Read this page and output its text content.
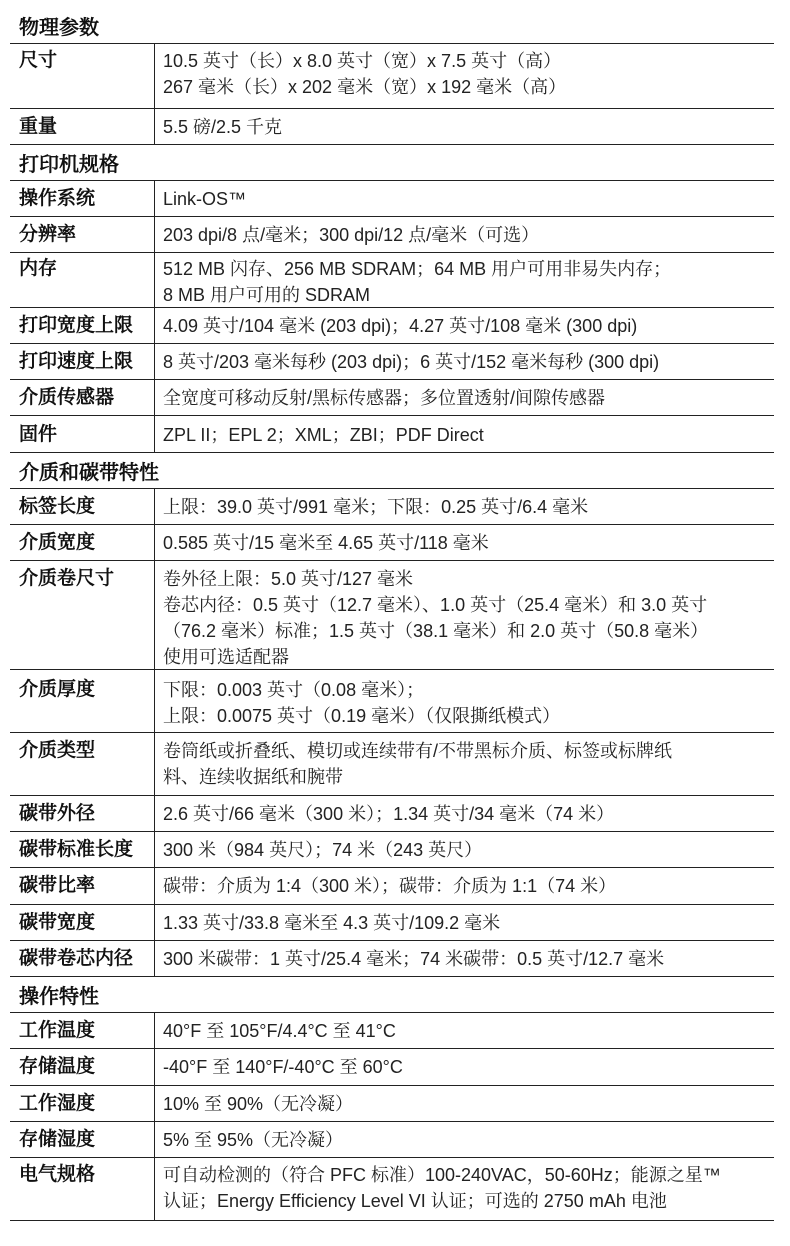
物理参数
尺寸	10.5 英寸（长）x 8.0 英寸（宽）x 7.5 英寸（高）
267 毫米（长）x 202 毫米（宽）x 192 毫米（高）
重量	5.5 磅/2.5 千克
打印机规格
操作系统	Link-OS™
分辨率	203 dpi/8 点/毫米；300 dpi/12 点/毫米（可选）
内存	512 MB 闪存、256 MB SDRAM；64 MB 用户可用非易失内存；
8 MB 用户可用的 SDRAM
打印宽度上限	4.09 英寸/104 毫米 (203 dpi)；4.27 英寸/108 毫米 (300 dpi)
打印速度上限	8 英寸/203 毫米每秒 (203 dpi)；6 英寸/152 毫米每秒 (300 dpi)
介质传感器	全宽度可移动反射/黑标传感器；多位置透射/间隙传感器
固件	ZPL II；EPL 2；XML；ZBI；PDF Direct
介质和碳带特性
标签长度	上限：39.0 英寸/991 毫米；下限：0.25 英寸/6.4 毫米
介质宽度	0.585 英寸/15 毫米至 4.65 英寸/118 毫米
介质卷尺寸	卷外径上限：5.0 英寸/127 毫米
卷芯内径：0.5 英寸（12.7 毫米）、1.0 英寸（25.4 毫米）和 3.0 英寸
（76.2 毫米）标准；1.5 英寸（38.1 毫米）和 2.0 英寸（50.8 毫米）
使用可选适配器
介质厚度	下限：0.003 英寸（0.08 毫米）；
上限：0.0075 英寸（0.19 毫米）（仅限撕纸模式）
介质类型	卷筒纸或折叠纸、模切或连续带有/不带黑标介质、标签或标牌纸
料、连续收据纸和腕带
碳带外径	2.6 英寸/66 毫米（300 米）；1.34 英寸/34 毫米（74 米）
碳带标准长度	300 米（984 英尺）；74 米（243 英尺）
碳带比率	碳带：介质为 1:4（300 米）；碳带：介质为 1:1（74 米）
碳带宽度	1.33 英寸/33.8 毫米至 4.3 英寸/109.2 毫米
碳带卷芯内径	300 米碳带：1 英寸/25.4 毫米；74 米碳带：0.5 英寸/12.7 毫米
操作特性
工作温度	40°F 至 105°F/4.4°C 至 41°C
存储温度	-40°F 至 140°F/-40°C 至 60°C
工作湿度	10% 至 90%（无冷凝）
存储湿度	5% 至 95%（无冷凝）
电气规格	可自动检测的（符合 PFC 标准）100-240VAC，50-60Hz；能源之星™
认证；Energy Efficiency Level VI 认证；可选的 2750 mAh 电池
